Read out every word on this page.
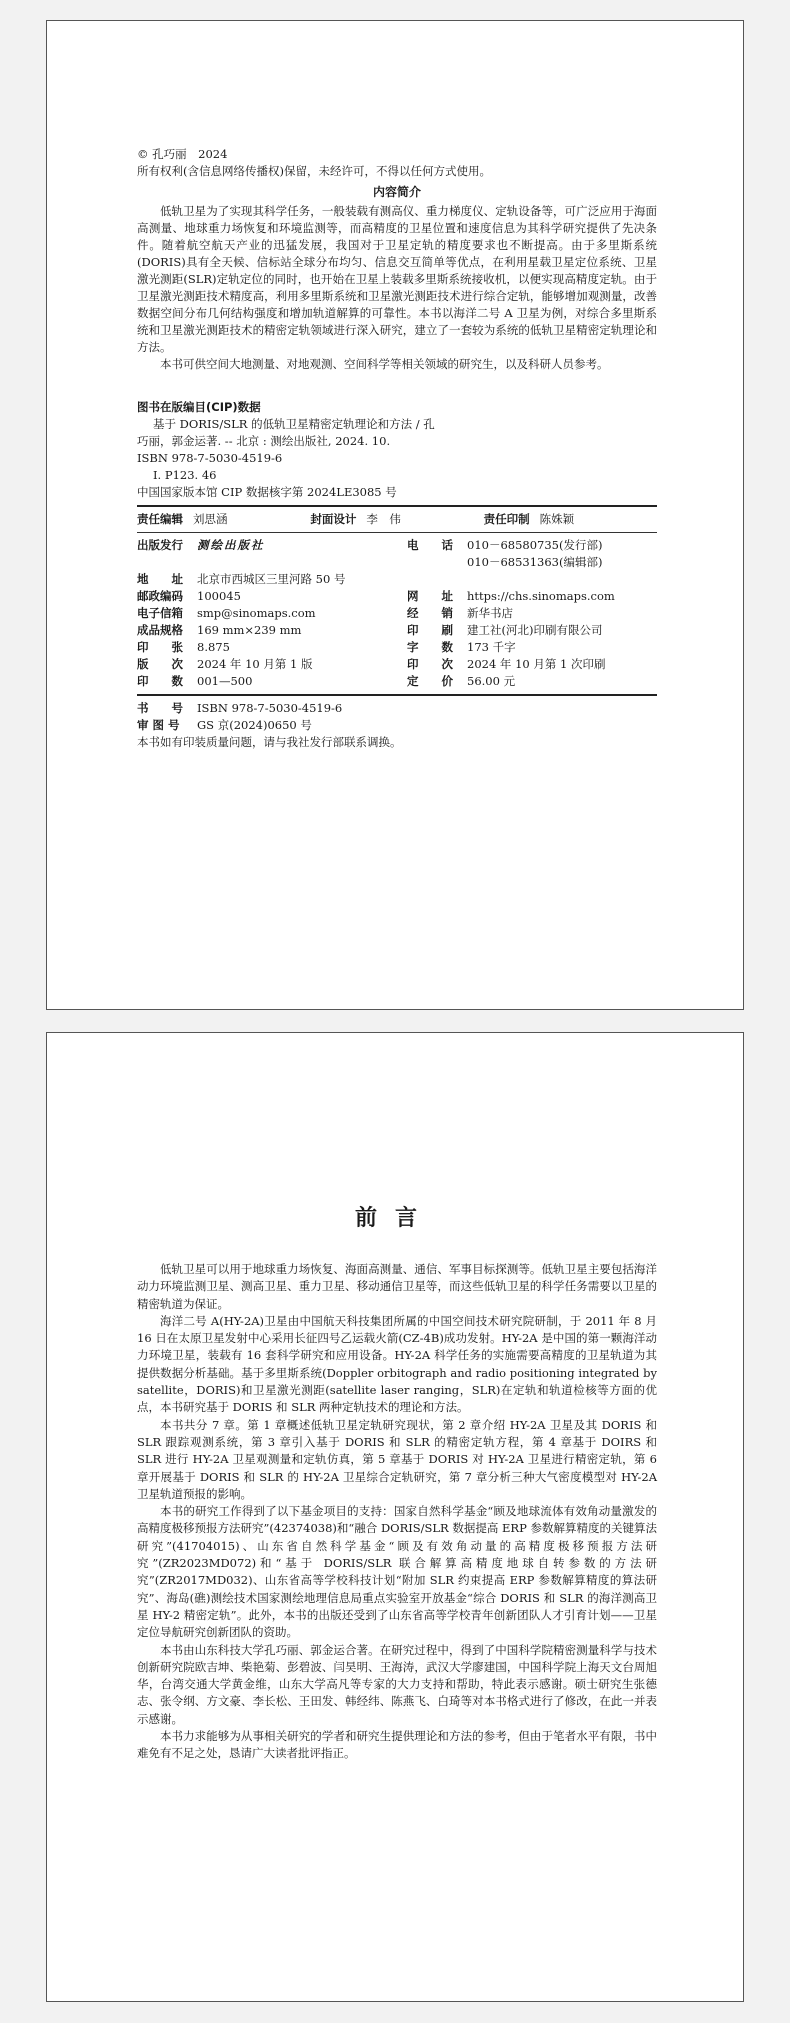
© 孔巧丽　2024

所有权利(含信息网络传播权)保留，未经许可，不得以任何方式使用。

内容简介

低轨卫星为了实现其科学任务，一般装载有测高仪、重力梯度仪、定轨设备等，可广泛应用于海面高测量、地球重力场恢复和环境监测等，而高精度的卫星位置和速度信息为其科学研究提供了先决条件。随着航空航天产业的迅猛发展，我国对于卫星定轨的精度要求也不断提高。由于多里斯系统(DORIS)具有全天候、信标站全球分布均匀、信息交互简单等优点，在利用星载卫星定位系统、卫星激光测距(SLR)定轨定位的同时，也开始在卫星上装载多里斯系统接收机，以便实现高精度定轨。由于卫星激光测距技术精度高，利用多里斯系统和卫星激光测距技术进行综合定轨，能够增加观测量，改善数据空间分布几何结构强度和增加轨道解算的可靠性。本书以海洋二号 A 卫星为例，对综合多里斯系统和卫星激光测距技术的精密定轨领域进行深入研究，建立了一套较为系统的低轨卫星精密定轨理论和方法。

本书可供空间大地测量、对地观测、空间科学等相关领域的研究生，以及科研人员参考。

图书在版编目(CIP)数据

基于 DORIS/SLR 的低轨卫星精密定轨理论和方法 / 孔

巧丽，郭金运著. -- 北京 : 测绘出版社, 2024. 10.

ISBN 978-7-5030-4519-6

Ⅰ. P123. 46

中国国家版本馆 CIP 数据核字第 2024LE3085 号

责任编辑 刘思涵	封面设计 李　伟	责任印制 陈姝颖
出版发行	测绘出版社	电　　话	010－68580735(发行部)
			010－68531363(编辑部)
地　　址	北京市西城区三里河路 50 号		
邮政编码	100045	网　　址	https://chs.sinomaps.com
电子信箱	smp@sinomaps.com	经　　销	新华书店
成品规格	169 mm×239 mm	印　　刷	建工社(河北)印刷有限公司
印　　张	8.875	字　　数	173 千字
版　　次	2024 年 10 月第 1 版	印　　次	2024 年 10 月第 1 次印刷
印　　数	001—500	定　　价	56.00 元

书　　号 ISBN 978-7-5030-4519-6

审 图 号 GS 京(2024)0650 号

本书如有印装质量问题，请与我社发行部联系调换。

前言

低轨卫星可以用于地球重力场恢复、海面高测量、通信、军事目标探测等。低轨卫星主要包括海洋动力环境监测卫星、测高卫星、重力卫星、移动通信卫星等，而这些低轨卫星的科学任务需要以卫星的精密轨道为保证。

海洋二号 A(HY-2A)卫星由中国航天科技集团所属的中国空间技术研究院研制，于 2011 年 8 月 16 日在太原卫星发射中心采用长征四号乙运载火箭(CZ-4B)成功发射。HY-2A 是中国的第一颗海洋动力环境卫星，装载有 16 套科学研究和应用设备。HY-2A 科学任务的实施需要高精度的卫星轨道为其提供数据分析基础。基于多里斯系统(Doppler orbitograph and radio positioning integrated by satellite，DORIS)和卫星激光测距(satellite laser ranging，SLR)在定轨和轨道检核等方面的优点，本书研究基于 DORIS 和 SLR 两种定轨技术的理论和方法。

本书共分 7 章。第 1 章概述低轨卫星定轨研究现状，第 2 章介绍 HY-2A 卫星及其 DORIS 和 SLR 跟踪观测系统，第 3 章引入基于 DORIS 和 SLR 的精密定轨方程，第 4 章基于 DOIRS 和 SLR 进行 HY-2A 卫星观测量和定轨仿真，第 5 章基于 DORIS 对 HY-2A 卫星进行精密定轨，第 6 章开展基于 DORIS 和 SLR 的 HY-2A 卫星综合定轨研究，第 7 章分析三种大气密度模型对 HY-2A 卫星轨道预报的影响。

本书的研究工作得到了以下基金项目的支持：国家自然科学基金“顾及地球流体有效角动量激发的高精度极移预报方法研究”(42374038)和“融合 DORIS/SLR 数据提高 ERP 参数解算精度的关键算法研究”(41704015)、山东省自然科学基金“顾及有效角动量的高精度极移预报方法研究”(ZR2023MD072)和“基于 DORIS/SLR 联合解算高精度地球自转参数的方法研究”(ZR2017MD032)、山东省高等学校科技计划“附加 SLR 约束提高 ERP 参数解算精度的算法研究”、海岛(礁)测绘技术国家测绘地理信息局重点实验室开放基金“综合 DORIS 和 SLR 的海洋测高卫星 HY-2 精密定轨”。此外，本书的出版还受到了山东省高等学校青年创新团队人才引育计划——卫星定位导航研究创新团队的资助。

本书由山东科技大学孔巧丽、郭金运合著。在研究过程中，得到了中国科学院精密测量科学与技术创新研究院欧吉坤、柴艳菊、彭碧波、闫昊明、王海涛，武汉大学廖建国，中国科学院上海天文台周旭华，台湾交通大学黄金维，山东大学高凡等专家的大力支持和帮助，特此表示感谢。硕士研究生张德志、张令纲、方文豪、李长松、王田发、韩经纬、陈燕飞、白琦等对本书格式进行了修改，在此一并表示感谢。

本书力求能够为从事相关研究的学者和研究生提供理论和方法的参考，但由于笔者水平有限，书中难免有不足之处，恳请广大读者批评指正。
